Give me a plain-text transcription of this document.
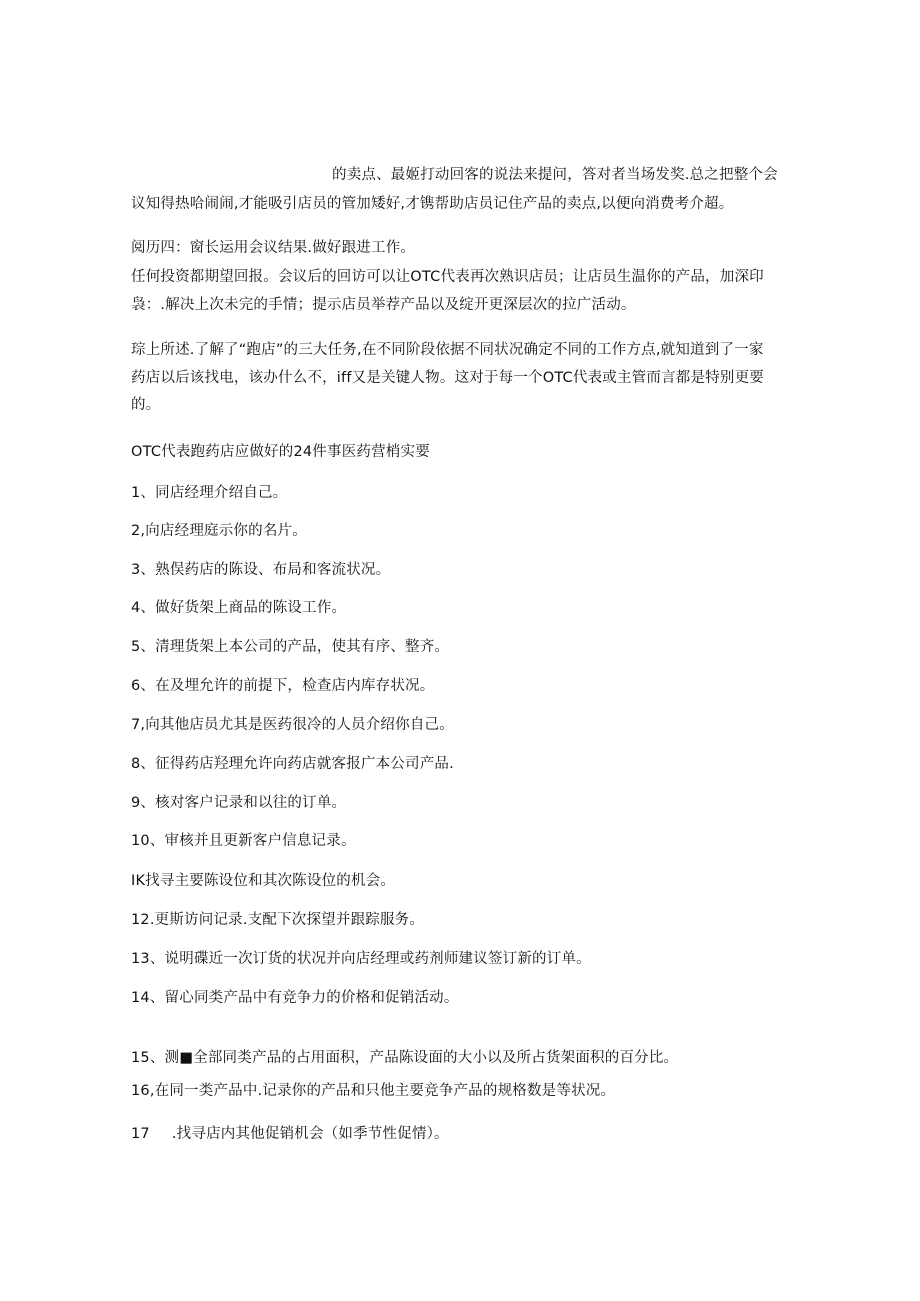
的卖点、最姬打动回客的说法来提问，答对者当场发奖.总之把整个会
议知得热哈闹闹,才能吸引店员的管加矮好,才镌帮助店员记住产品的卖点,以便向消费考介超。
阅历四：窗长运用会议结果.做好跟进工作。
任何投资都期望回报。会议后的回访可以让OTC代表再次熟识店员；让店员生温你的产品，加深印
袅：.解决上次未完的手情；提示店员举荐产品以及绽开更深层次的拉广活动。
琮上所述.了解了“跑店”的三大任务,在不同阶段依据不同状况确定不同的工作方点,就知道到了一家
药店以后该找电，该办什么不，iff又是关键人物。这对于每一个OTC代表或主管而言都是特别更要
的。
OTC代表跑药店应做好的24件事医药营梢实要
1、同店经理介绍自己。
2,向店经理庭示你的名片。
3、熟俣药店的陈设、布局和客流状况。
4、做好货架上商品的陈设工作。
5、清理货架上本公司的产品，使其有序、整齐。
6、在及埋允许的前提下，检查店内库存状况。
7,向其他店员尤其是医药很冷的人员介绍你自己。
8、征得药店羟理允许向药店就客报广本公司产品.
9、核对客户记录和以往的订单。
10、审核并且更新客户信息记录。
IK找寻主要陈设位和其次陈设位的机会。
12.更斯访问记录.支配下次探望并跟踪服务。
13、说明碟近一次订货的状况并向店经理或药剂师建议签订新的订单。
14、留心同类产品中有竞争力的价格和促销活动。
15、测■全部同类产品的占用面积，产品陈设面的大小以及所占货架面积的百分比。
16,在同一类产品中.记录你的产品和只他主要竞争产品的规格数是等状况。
17 .找寻店内其他促销机会（如季节性促情）。
